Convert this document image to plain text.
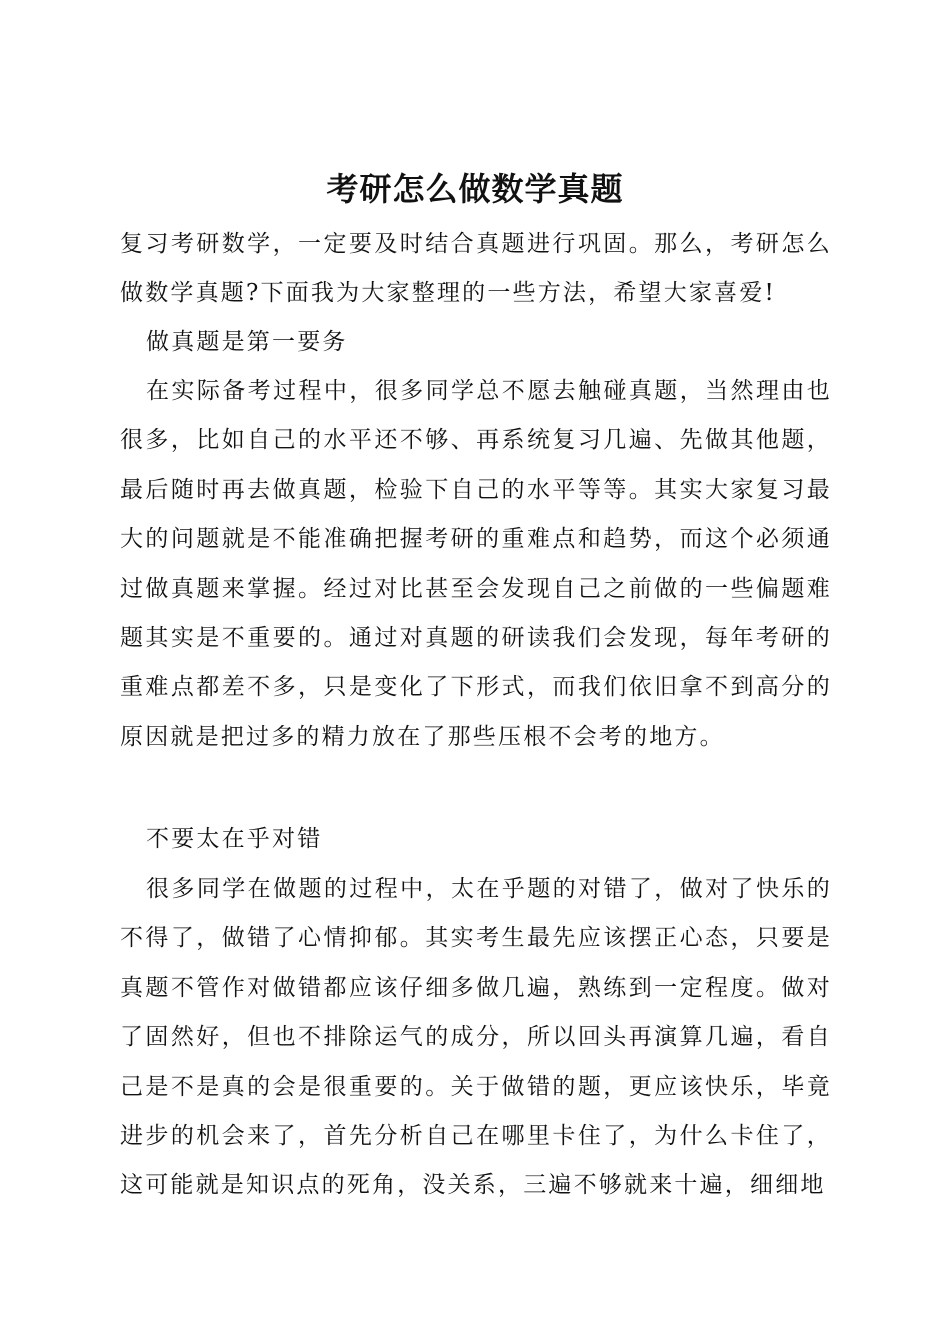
考研怎么做数学真题

复习考研数学，一定要及时结合真题进行巩固。那么，考研怎么做数学真题?下面我为大家整理的一些方法，希望大家喜爱!

做真题是第一要务

在实际备考过程中，很多同学总不愿去触碰真题，当然理由也很多，比如自己的水平还不够、再系统复习几遍、先做其他题，最后随时再去做真题，检验下自己的水平等等。其实大家复习最大的问题就是不能准确把握考研的重难点和趋势，而这个必须通过做真题来掌握。经过对比甚至会发现自己之前做的一些偏题难题其实是不重要的。通过对真题的研读我们会发现，每年考研的重难点都差不多，只是变化了下形式，而我们依旧拿不到高分的原因就是把过多的精力放在了那些压根不会考的地方。

不要太在乎对错

很多同学在做题的过程中，太在乎题的对错了，做对了快乐的不得了，做错了心情抑郁。其实考生最先应该摆正心态，只要是真题不管作对做错都应该仔细多做几遍，熟练到一定程度。做对了固然好，但也不排除运气的成分，所以回头再演算几遍，看自己是不是真的会是很重要的。关于做错的题，更应该快乐，毕竟进步的机会来了，首先分析自己在哪里卡住了，为什么卡住了，这可能就是知识点的死角，没关系，三遍不够就来十遍，细细地
